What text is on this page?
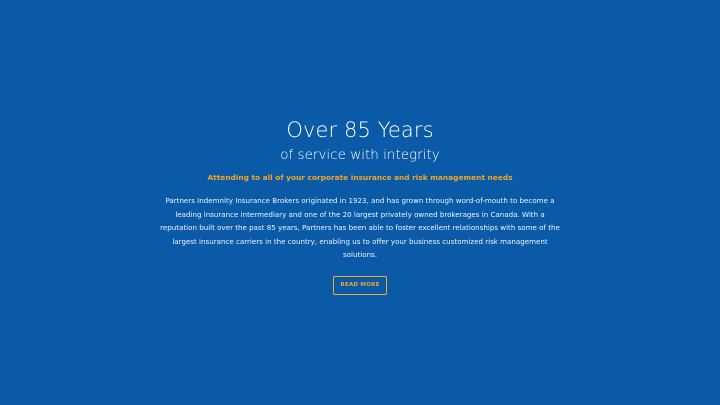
Over 85 Years
of service with integrity

Attending to all of your corporate insurance and risk management needs

Partners Indemnity Insurance Brokers originated in 1923, and has grown through word-of-mouth to become a leading insurance intermediary and one of the 20 largest privately owned brokerages in Canada. With a reputation built over the past 85 years, Partners has been able to foster excellent relationships with some of the largest insurance carriers in the country, enabling us to offer your business customized risk management solutions.

READ MORE
